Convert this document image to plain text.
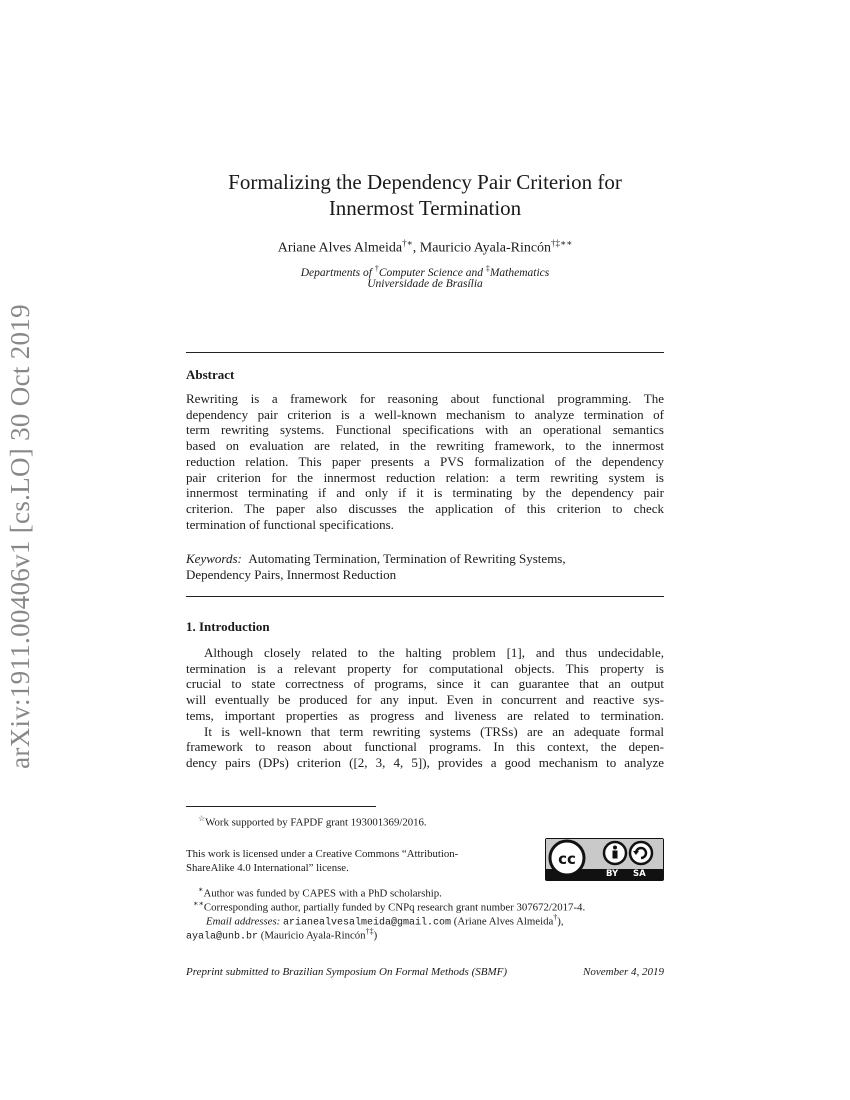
arXiv:1911.00406v1 [cs.LO] 30 Oct 2019
Formalizing the Dependency Pair Criterion for
Innermost Termination
Ariane Alves Almeida†∗, Mauricio Ayala-Rincón†‡∗∗
Departments of †Computer Science and ‡Mathematics
Universidade de Brasília
Abstract
Rewriting is a framework for reasoning about functional programming. The
dependency pair criterion is a well-known mechanism to analyze termination of
term rewriting systems. Functional specifications with an operational semantics
based on evaluation are related, in the rewriting framework, to the innermost
reduction relation. This paper presents a PVS formalization of the dependency
pair criterion for the innermost reduction relation: a term rewriting system is
innermost terminating if and only if it is terminating by the dependency pair
criterion. The paper also discusses the application of this criterion to check
termination of functional specifications.
Keywords: Automating Termination, Termination of Rewriting Systems,
Dependency Pairs, Innermost Reduction
1. Introduction
Although closely related to the halting problem [1], and thus undecidable,
termination is a relevant property for computational objects. This property is
crucial to state correctness of programs, since it can guarantee that an output
will eventually be produced for any input. Even in concurrent and reactive sys-
tems, important properties as progress and liveness are related to termination.
It is well-known that term rewriting systems (TRSs) are an adequate formal
framework to reason about functional programs. In this context, the depen-
dency pairs (DPs) criterion ([2, 3, 4, 5]), provides a good mechanism to analyze
☆Work supported by FAPDF grant 193001369/2016.
This work is licensed under a Creative Commons “Attribution-
ShareAlike 4.0 International” license.	cc
BY SA
∗Author was funded by CAPES with a PhD scholarship.
∗∗Corresponding author, partially funded by CNPq research grant number 307672/2017-4.
Email addresses: arianealvesalmeida@gmail.com (Ariane Alves Almeida†),
ayala@unb.br (Mauricio Ayala-Rincón†‡)
Preprint submitted to Brazilian Symposium On Formal Methods (SBMF)	November 4, 2019
